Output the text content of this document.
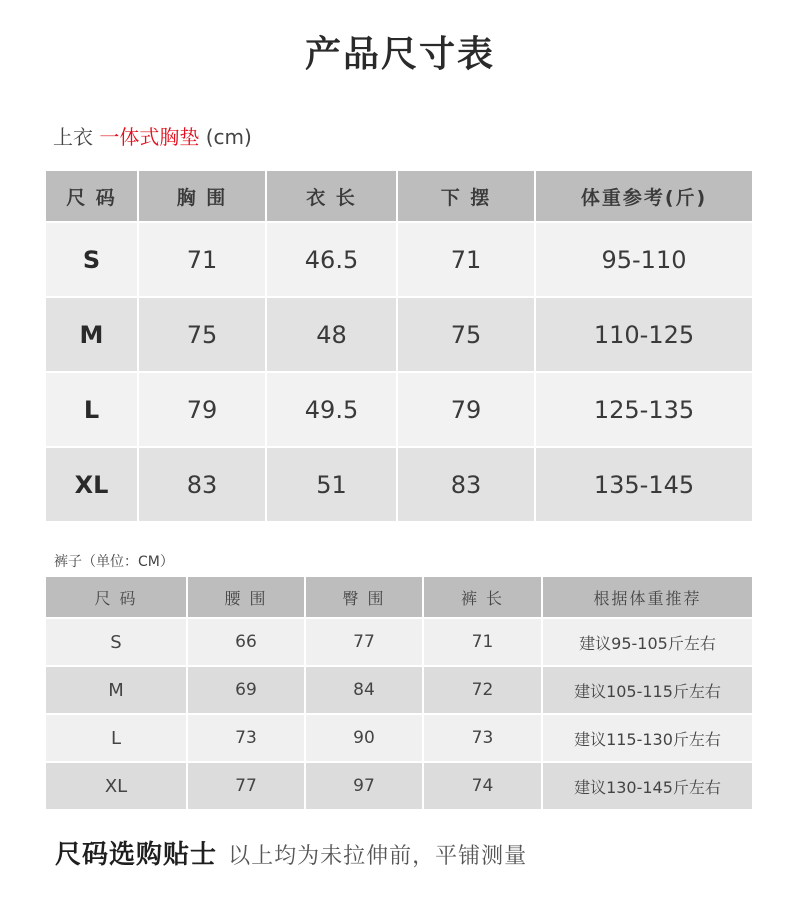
产品尺寸表
上衣 一体式胸垫 (cm)
尺 码	胸 围	衣 长	下 摆	体重参考(斤)
S	71	46.5	71	95-110
M	75	48	75	110-125
L	79	49.5	79	125-135
XL	83	51	83	135-145
裤子（单位：CM）
尺 码	腰 围	臀 围	裤 长	根据体重推荐
S	66	77	71	建议95-105斤左右
M	69	84	72	建议105-115斤左右
L	73	90	73	建议115-130斤左右
XL	77	97	74	建议130-145斤左右
尺码选购贴士 以上均为未拉伸前，平铺测量
